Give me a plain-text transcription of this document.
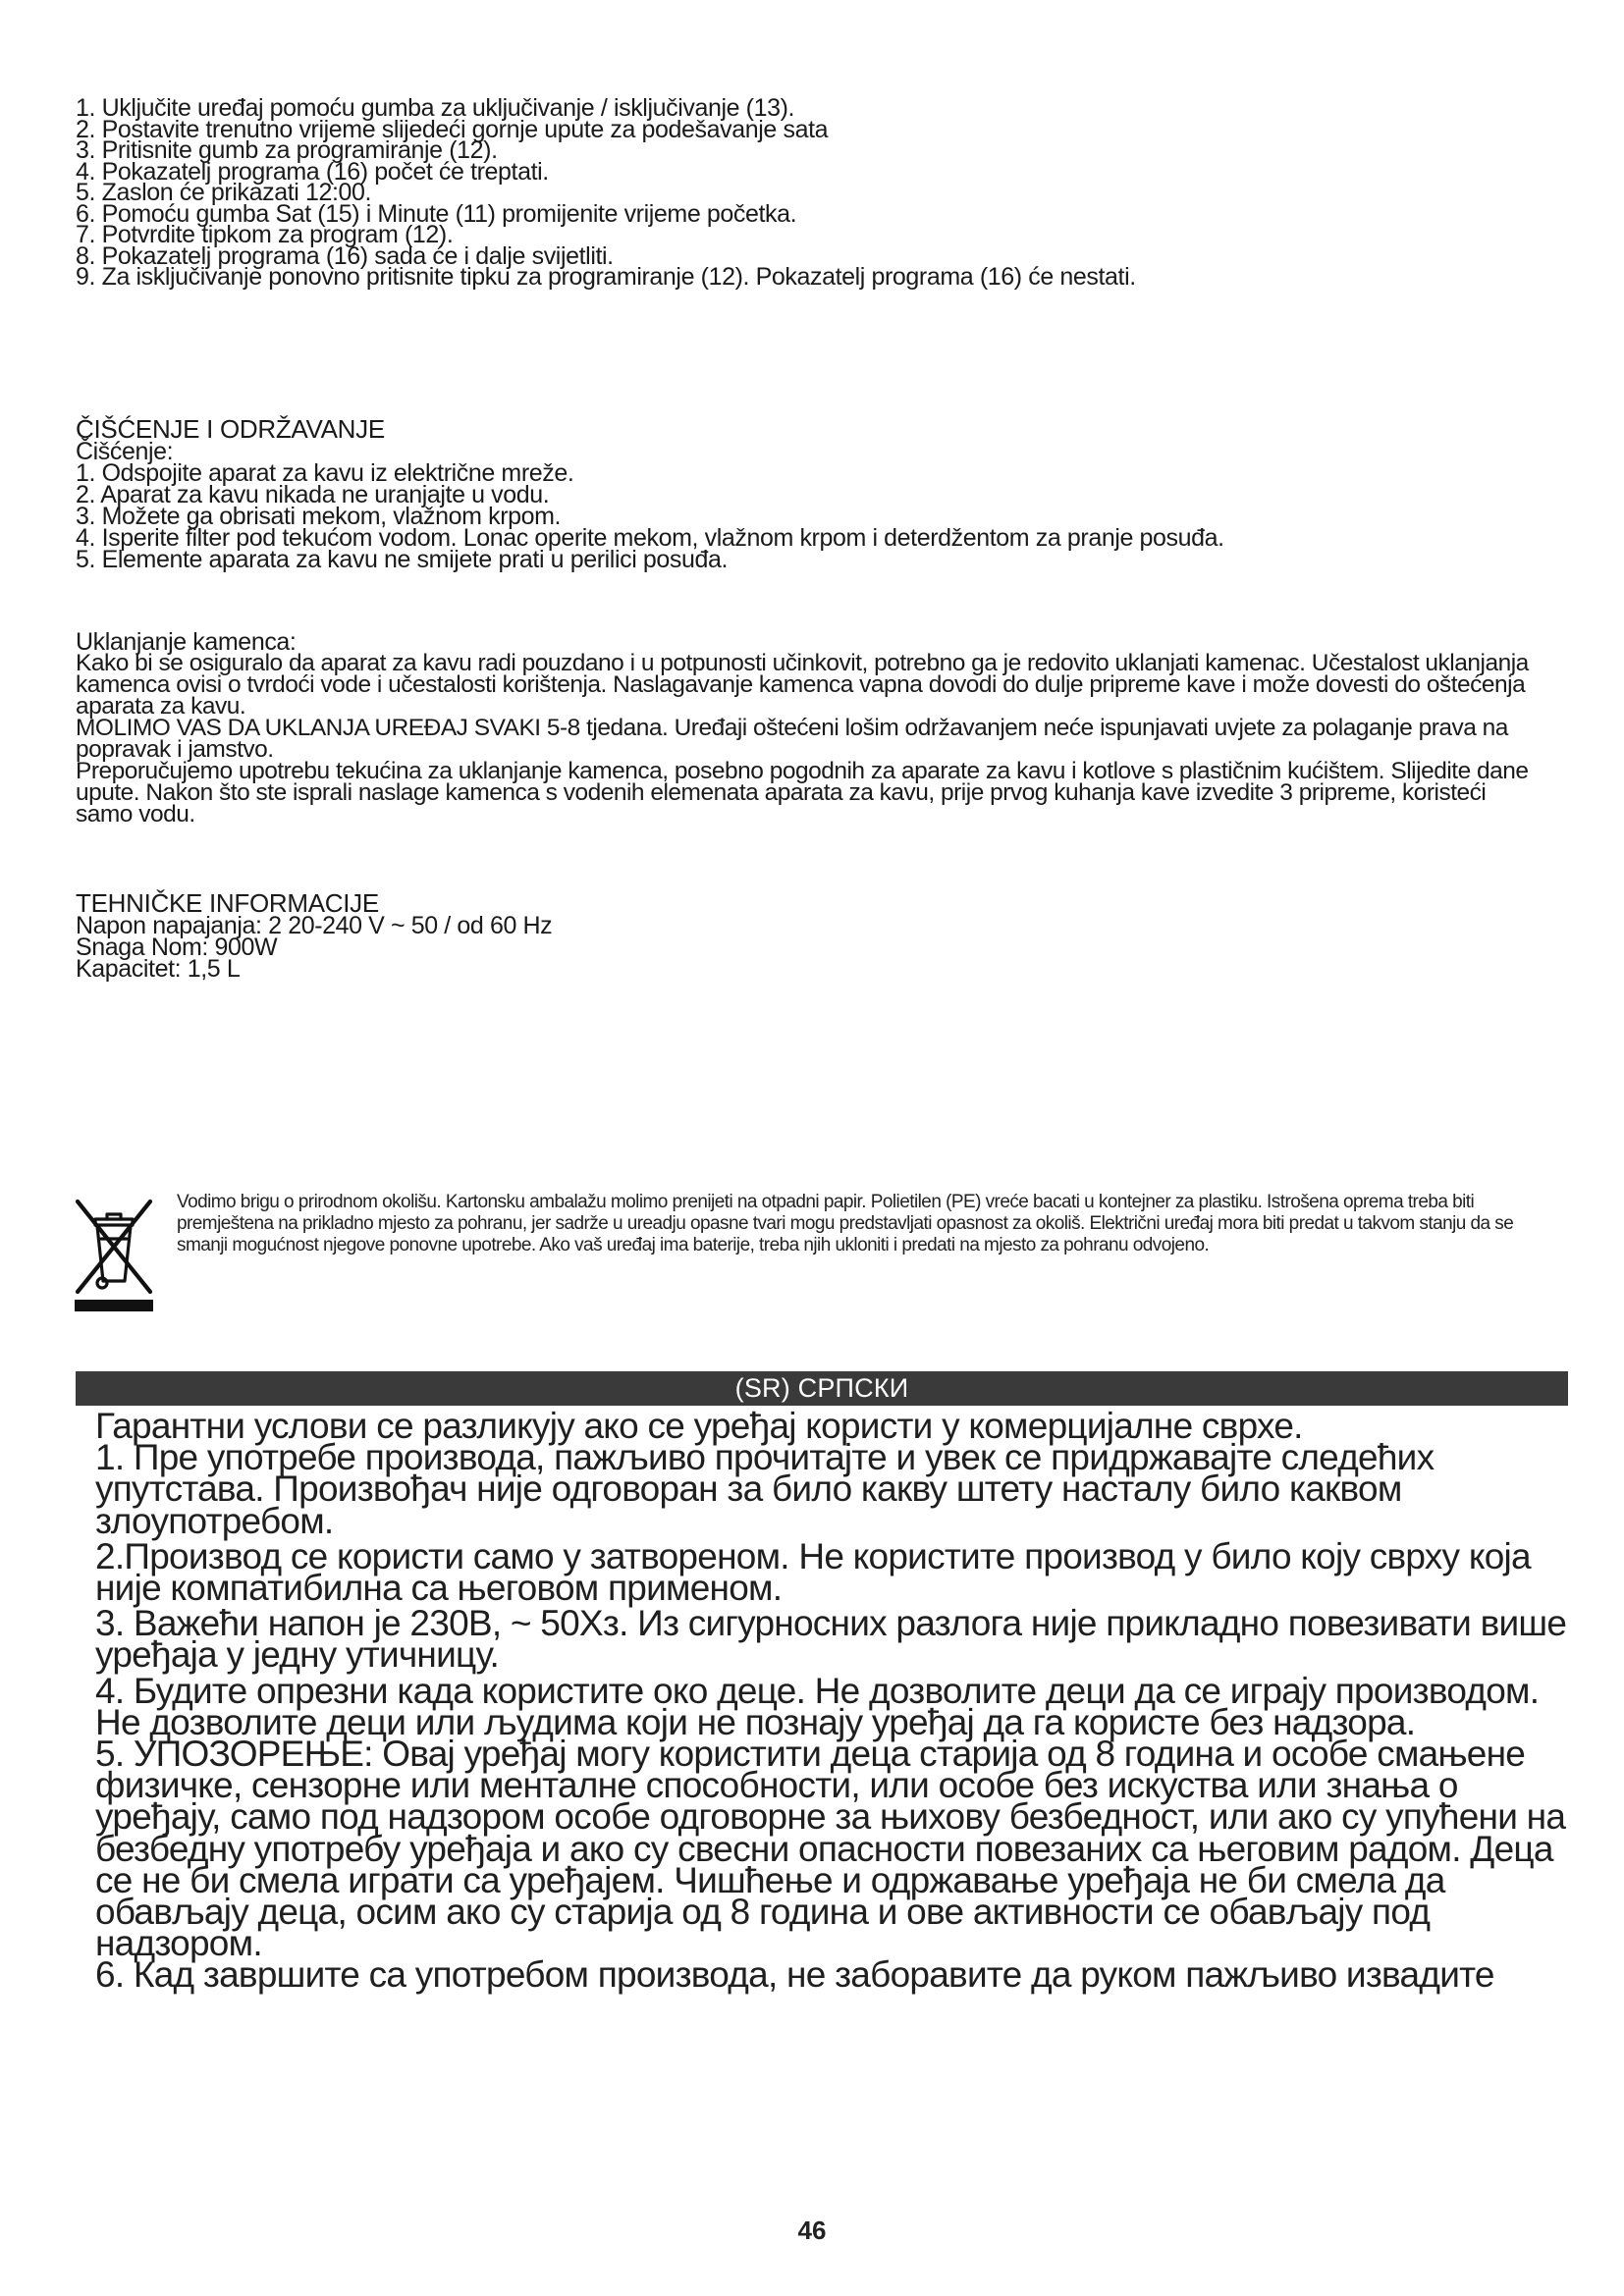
1. Uključite uređaj pomoću gumba za uključivanje / isključivanje (13).
2. Postavite trenutno vrijeme slijedeći gornje upute za podešavanje sata
3. Pritisnite gumb za programiranje (12).
4. Pokazatelj programa (16) počet će treptati.
5. Zaslon će prikazati 12:00.
6. Pomoću gumba Sat (15) i Minute (11) promijenite vrijeme početka.
7. Potvrdite tipkom za program (12).
8. Pokazatelj programa (16) sada će i dalje svijetliti.
9. Za isključivanje ponovno pritisnite tipku za programiranje (12). Pokazatelj programa (16) će nestati.
ČIŠĆENJE I ODRŽAVANJE
Čišćenje:
1. Odspojite aparat za kavu iz električne mreže.
2. Aparat za kavu nikada ne uranjajte u vodu.
3. Možete ga obrisati mekom, vlažnom krpom.
4. Isperite filter pod tekućom vodom. Lonac operite mekom, vlažnom krpom i deterdžentom za pranje posuđa.
5. Elemente aparata za kavu ne smijete prati u perilici posuđa.
Uklanjanje kamenca:

Kako bi se osiguralo da aparat za kavu radi pouzdano i u potpunosti učinkovit, potrebno ga je redovito uklanjati kamenac. Učestalost uklanjanja kamenca ovisi o tvrdoći vode i učestalosti korištenja. Naslagavanje kamenca vapna dovodi do dulje pripreme kave i može dovesti do oštećenja aparata za kavu.

MOLIMO VAS DA UKLANJA UREĐAJ SVAKI 5-8 tjedana. Uređaji oštećeni lošim održavanjem neće ispunjavati uvjete za polaganje prava na popravak i jamstvo.

Preporučujemo upotrebu tekućina za uklanjanje kamenca, posebno pogodnih za aparate za kavu i kotlove s plastičnim kućištem. Slijedite dane upute. Nakon što ste isprali naslage kamenca s vodenih elemenata aparata za kavu, prije prvog kuhanja kave izvedite 3 pripreme, koristeći samo vodu.

TEHNIČKE INFORMACIJE
Napon napajanja: 2 20-240 V ~ 50 / od 60 Hz
Snaga Nom: 900W
Kapacitet: 1,5 L
Vodimo brigu o prirodnom okolišu. Kartonsku ambalažu molimo prenijeti na otpadni papir. Polietilen (PE) vreće bacati u kontejner za plastiku. Istrošena oprema treba biti premještena na prikladno mjesto za pohranu, jer sadrže u ureadju opasne tvari mogu predstavljati opasnost za okoliš. Električni uređaj mora biti predat u takvom stanju da se smanji mogućnost njegove ponovne upotrebe. Ako vaš uređaj ima baterije, treba njih ukloniti i predati na mjesto za pohranu odvojeno.
(SR) СРПСКИ

Гарантни услови се разликују ако се уређај користи у комерцијалне сврхе.

1. Пре употребе производа, пажљиво прочитајте и увек се придржавајте следећих упутстава. Произвођач није одговоран за било какву штету насталу било каквом злоупотребом.

2.Производ се користи само у затвореном. Не користите производ у било коју сврху која није компатибилна са његовом применом.

3. Важећи напон је 230В, ~ 50Хз. Из сигурносних разлога није прикладно повезивати више уређаја у једну утичницу.

4. Будите опрезни када користите око деце. Не дозволите деци да се играју производом. Не дозволите деци или људима који не познају уређај да га користе без надзора.

5. УПОЗОРЕЊЕ: Овај уређај могу користити деца старија од 8 година и особе смањене физичке, сензорне или менталне способности, или особе без искуства или знања о уређају, само под надзором особе одговорне за њихову безбедност, или ако су упућени на безбедну употребу уређаја и ако су свесни опасности повезаних са његовим радом. Деца се не би смела играти са уређајем. Чишћење и одржавање уређаја не би смела да обављају деца, осим ако су старија од 8 година и ове активности се обављају под надзором.

6. Кад завршите са употребом производа, не заборавите да руком пажљиво извадите

46
